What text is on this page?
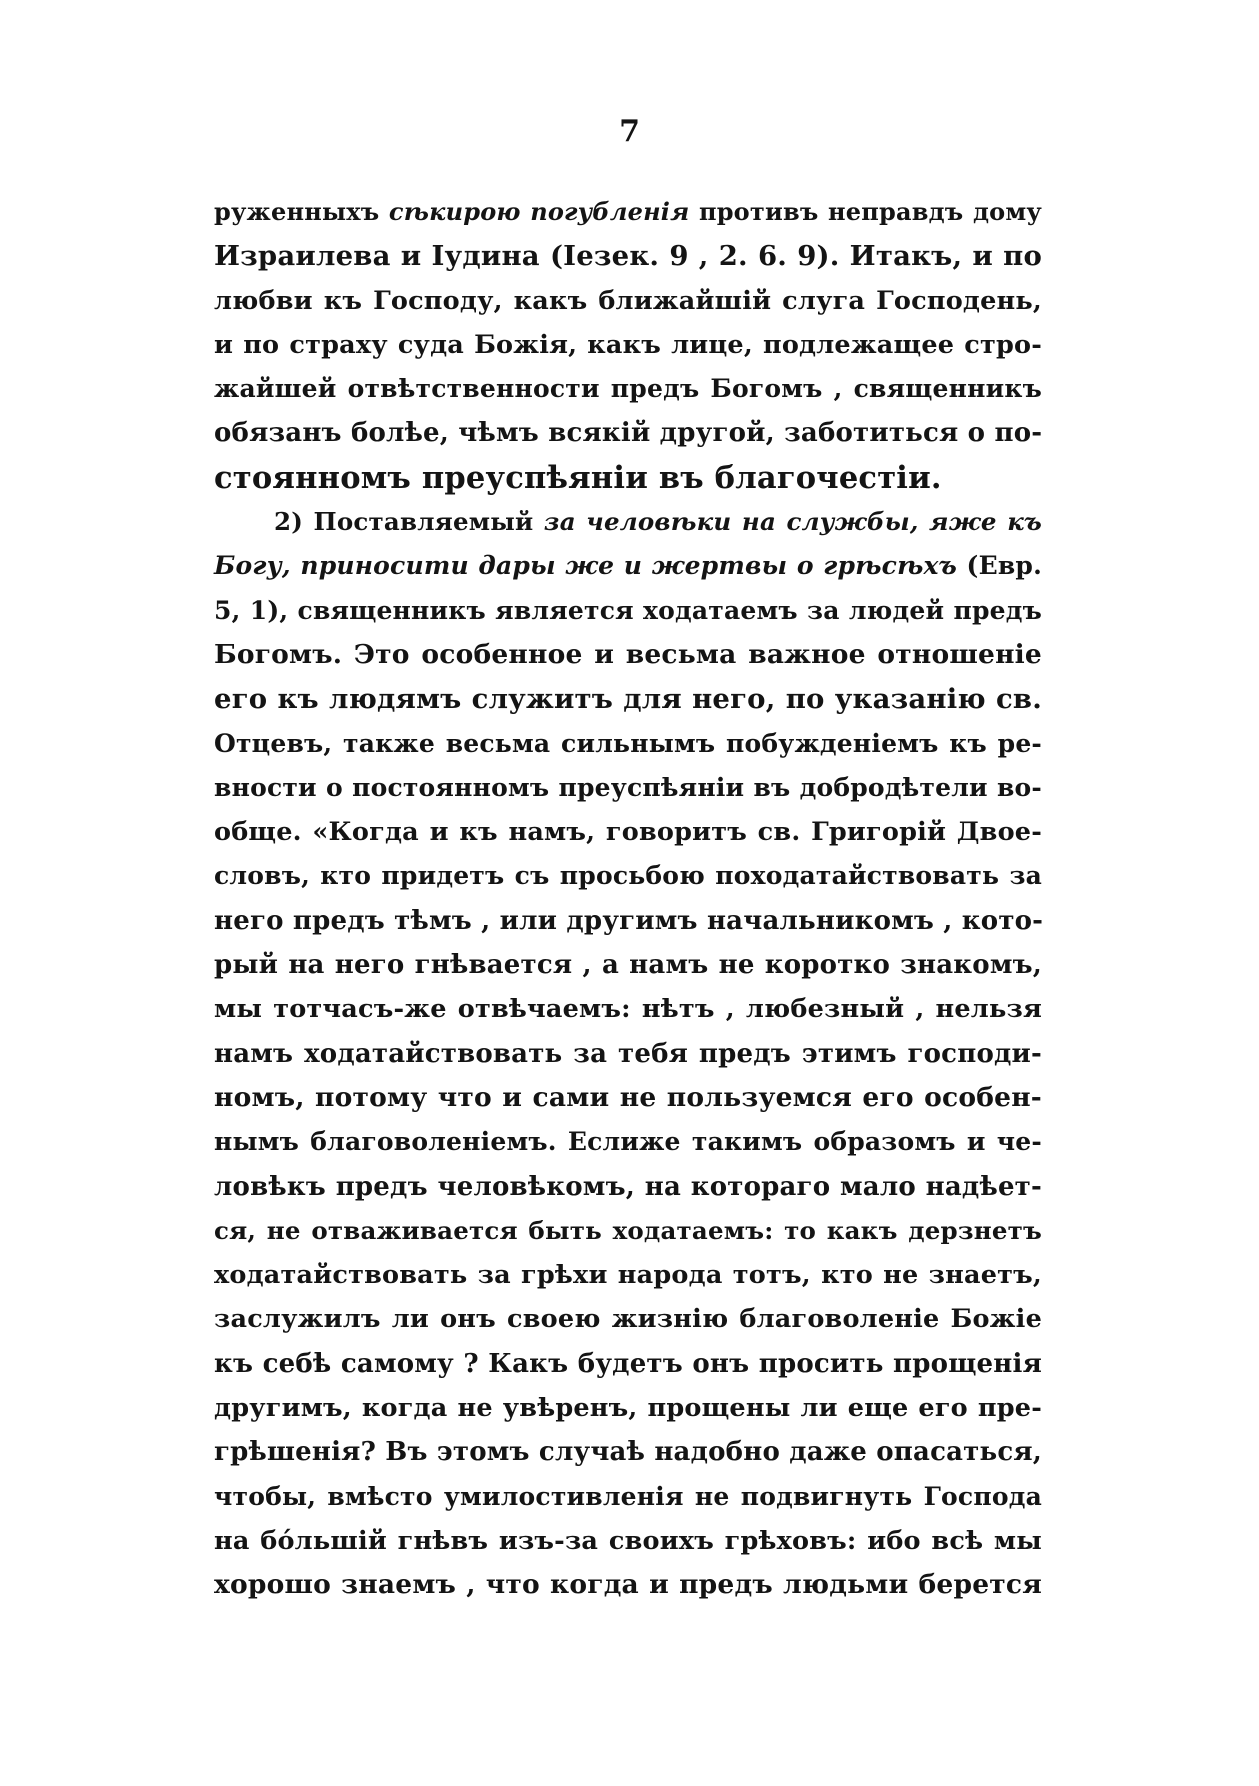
7
руженныхъ сѣкирою погубленія противъ неправдъ дому
Израилева и Іудина (Іезек. 9 , 2. 6. 9). Итакъ, и по
любви къ Господу, какъ ближайшій слуга Господень,
и по страху суда Божія, какъ лице, подлежащее стро-
жайшей отвѣтственности предъ Богомъ , священникъ
обязанъ болѣе, чѣмъ всякій другой, заботиться о по-
стоянномъ преуспѣяніи въ благочестіи.
2) Поставляемый за человѣки на службы, яже къ
Богу, приносити дары же и жертвы о грѣсѣхъ (Евр.
5, 1), священникъ является ходатаемъ за людей предъ
Богомъ. Это особенное и весьма важное отношеніе
его къ людямъ служитъ для него, по указанію св.
Отцевъ, также весьма сильнымъ побужденіемъ къ ре-
вности о постоянномъ преуспѣяніи въ добродѣтели во-
обще. «Когда и къ намъ, говоритъ св. Григорій Двое-
словъ, кто придетъ съ просьбою походатайствовать за
него предъ тѣмъ , или другимъ начальникомъ , кото-
рый на него гнѣвается , а намъ не коротко знакомъ,
мы тотчасъ-же отвѣчаемъ: нѣтъ , любезный , нельзя
намъ ходатайствовать за тебя предъ этимъ господи-
номъ, потому что и сами не пользуемся его особен-
нымъ благоволеніемъ. Еслиже такимъ образомъ и че-
ловѣкъ предъ человѣкомъ, на котораго мало надѣет-
ся, не отваживается быть ходатаемъ: то какъ дерзнетъ
ходатайствовать за грѣхи народа тотъ, кто не знаетъ,
заслужилъ ли онъ своею жизнію благоволеніе Божіе
къ себѣ самому ? Какъ будетъ онъ просить прощенія
другимъ, когда не увѣренъ, прощены ли еще его пре-
грѣшенія? Въ этомъ случаѣ надобно даже опасаться,
чтобы, вмѣсто умилостивленія не подвигнуть Господа
на бо́льшій гнѣвъ изъ-за своихъ грѣховъ: ибо всѣ мы
хорошо знаемъ , что когда и предъ людьми берется
